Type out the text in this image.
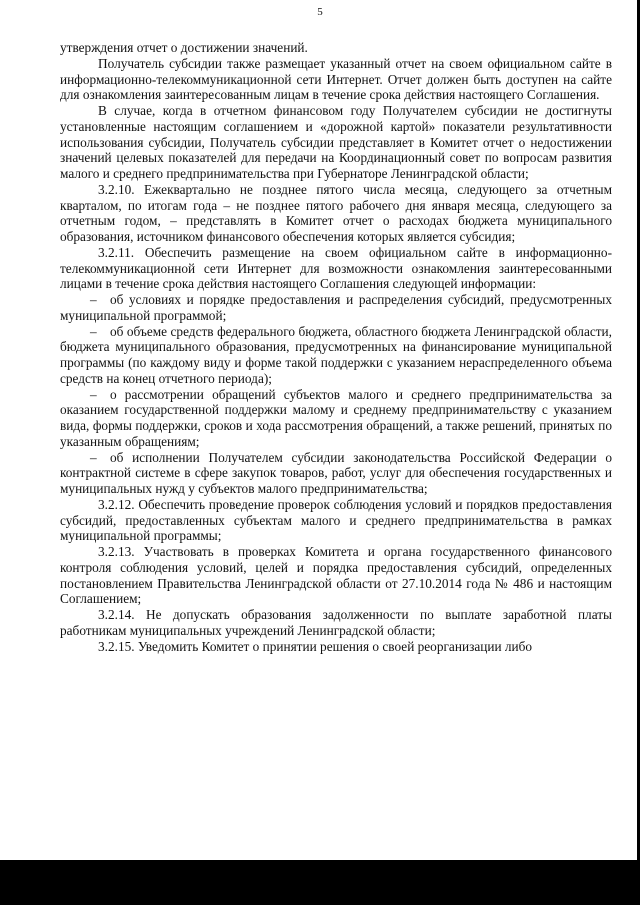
5

утверждения отчет о достижении значений.

Получатель субсидии также размещает указанный отчет на своем официальном сайте в информационно-телекоммуникационной сети Интернет. Отчет должен быть доступен на сайте для ознакомления заинтересованным лицам в течение срока действия настоящего Соглашения.

В случае, когда в отчетном финансовом году Получателем субсидии не достигнуты установленные настоящим соглашением и «дорожной картой» показатели результативности использования субсидии, Получатель субсидии представляет в Комитет отчет о недостижении значений целевых показателей для передачи на Координационный совет по вопросам развития малого и среднего предпринимательства при Губернаторе Ленинградской области;

3.2.10. Ежеквартально не позднее пятого числа месяца, следующего за отчетным кварталом, по итогам года – не позднее пятого рабочего дня января месяца, следующего за отчетным годом, – представлять в Комитет отчет о расходах бюджета муниципального образования, источником финансового обеспечения которых является субсидия;

3.2.11. Обеспечить размещение на своем официальном сайте в информационно-телекоммуникационной сети Интернет для возможности ознакомления заинтересованными лицами в течение срока действия настоящего Соглашения следующей информации:

– об условиях и порядке предоставления и распределения субсидий, предусмотренных муниципальной программой;

– об объеме средств федерального бюджета, областного бюджета Ленинградской области, бюджета муниципального образования, предусмотренных на финансирование муниципальной программы (по каждому виду и форме такой поддержки с указанием нераспределенного объема средств на конец отчетного периода);

– о рассмотрении обращений субъектов малого и среднего предпринимательства за оказанием государственной поддержки малому и среднему предпринимательству с указанием вида, формы поддержки, сроков и хода рассмотрения обращений, а также решений, принятых по указанным обращениям;

– об исполнении Получателем субсидии законодательства Российской Федерации о контрактной системе в сфере закупок товаров, работ, услуг для обеспечения государственных и муниципальных нужд у субъектов малого предпринимательства;

3.2.12. Обеспечить проведение проверок соблюдения условий и порядков предоставления субсидий, предоставленных субъектам малого и среднего предпринимательства в рамках муниципальной программы;

3.2.13. Участвовать в проверках Комитета и органа государственного финансового контроля соблюдения условий, целей и порядка предоставления субсидий, определенных постановлением Правительства Ленинградской области от 27.10.2014 года № 486 и настоящим Соглашением;

3.2.14. Не допускать образования задолженности по выплате заработной платы работникам муниципальных учреждений Ленинградской области;

3.2.15. Уведомить Комитет о принятии решения о своей реорганизации либо
